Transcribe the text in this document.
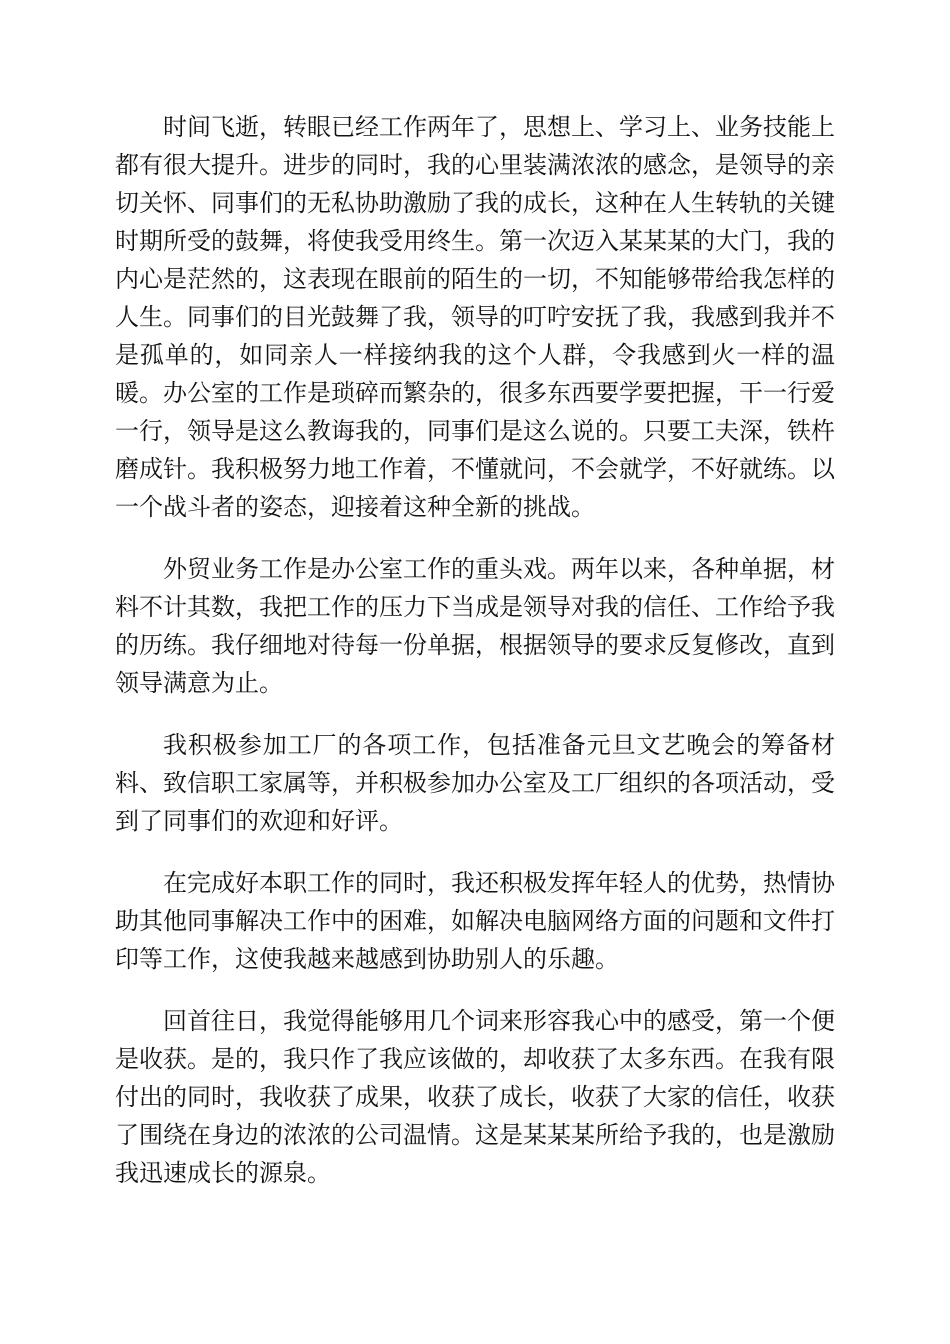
时间飞逝，转眼已经工作两年了，思想上、学习上、业务技能上都有很大提升。进步的同时，我的心里装满浓浓的感念，是领导的亲切关怀、同事们的无私协助激励了我的成长，这种在人生转轨的关键时期所受的鼓舞，将使我受用终生。第一次迈入某某某的大门，我的内心是茫然的，这表现在眼前的陌生的一切，不知能够带给我怎样的人生。同事们的目光鼓舞了我，领导的叮咛安抚了我，我感到我并不是孤单的，如同亲人一样接纳我的这个人群，令我感到火一样的温暖。办公室的工作是琐碎而繁杂的，很多东西要学要把握，干一行爱一行，领导是这么教诲我的，同事们是这么说的。只要工夫深，铁杵磨成针。我积极努力地工作着，不懂就问，不会就学，不好就练。以一个战斗者的姿态，迎接着这种全新的挑战。

外贸业务工作是办公室工作的重头戏。两年以来，各种单据，材料不计其数，我把工作的压力下当成是领导对我的信任、工作给予我的历练。我仔细地对待每一份单据，根据领导的要求反复修改，直到领导满意为止。

我积极参加工厂的各项工作，包括准备元旦文艺晚会的筹备材料、致信职工家属等，并积极参加办公室及工厂组织的各项活动，受到了同事们的欢迎和好评。

在完成好本职工作的同时，我还积极发挥年轻人的优势，热情协助其他同事解决工作中的困难，如解决电脑网络方面的问题和文件打印等工作，这使我越来越感到协助别人的乐趣。

回首往日，我觉得能够用几个词来形容我心中的感受，第一个便是收获。是的，我只作了我应该做的，却收获了太多东西。在我有限付出的同时，我收获了成果，收获了成长，收获了大家的信任，收获了围绕在身边的浓浓的公司温情。这是某某某所给予我的，也是激励我迅速成长的源泉。
